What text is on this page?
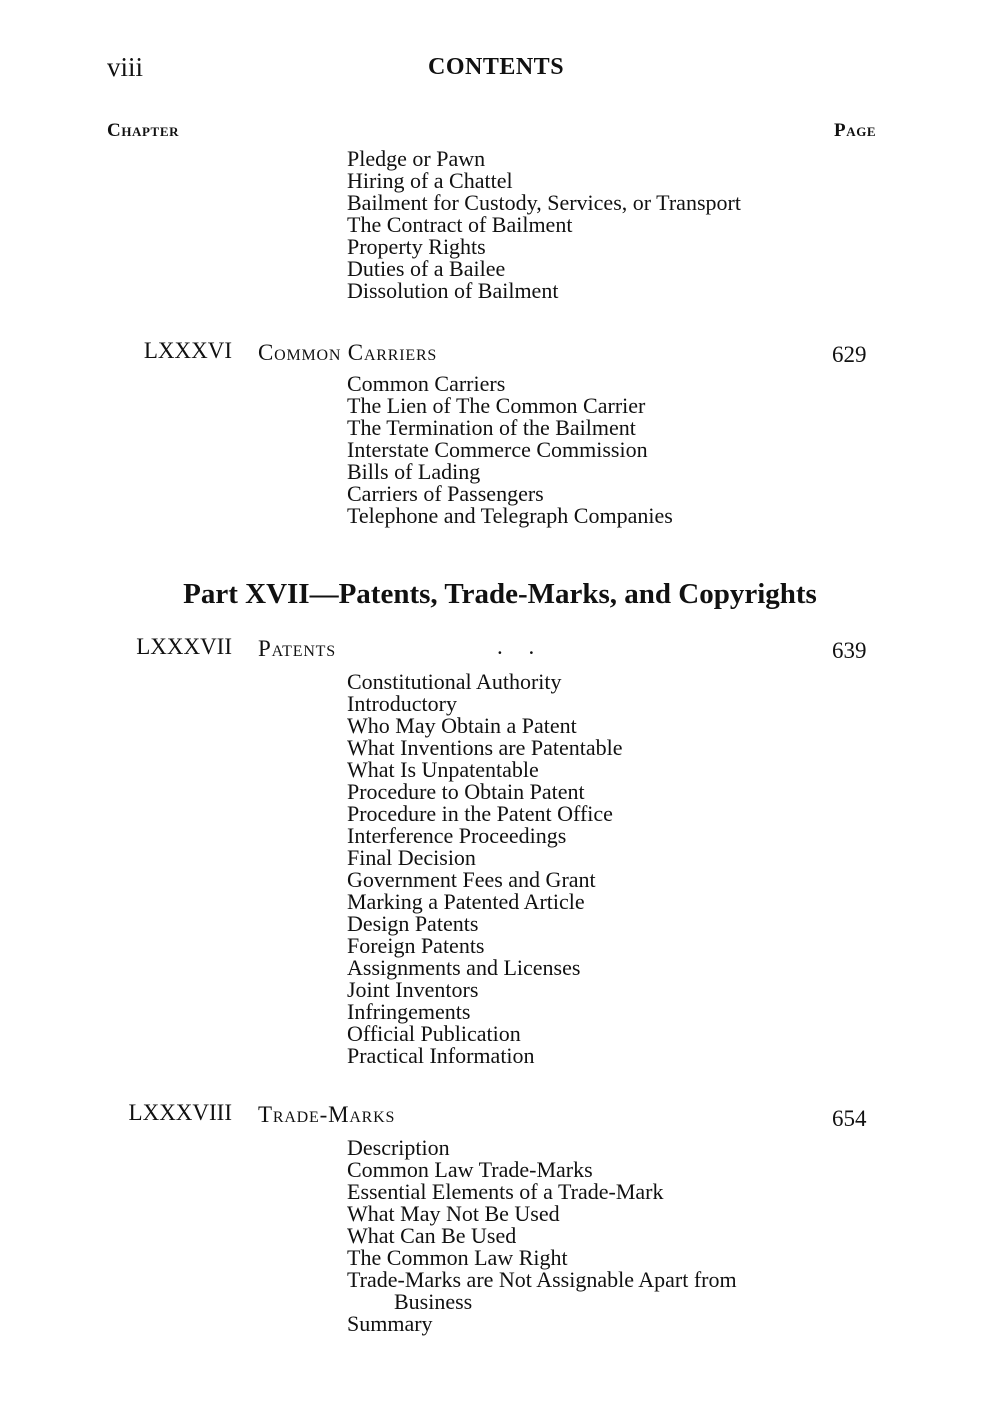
viii	CONTENTS
Chapter	Page
Pledge or Pawn
Hiring of a Chattel
Bailment for Custody, Services, or Transport
The Contract of Bailment
Property Rights
Duties of a Bailee
Dissolution of Bailment
LXXXVI Common Carriers	629
Common Carriers
The Lien of The Common Carrier
The Termination of the Bailment
Interstate Commerce Commission
Bills of Lading
Carriers of Passengers
Telephone and Telegraph Companies
Part XVII—Patents, Trade-Marks, and Copyrights
LXXXVII Patents	. .	639
Constitutional Authority
Introductory
Who May Obtain a Patent
What Inventions are Patentable
What Is Unpatentable
Procedure to Obtain Patent
Procedure in the Patent Office
Interference Proceedings
Final Decision
Government Fees and Grant
Marking a Patented Article
Design Patents
Foreign Patents
Assignments and Licenses
Joint Inventors
Infringements
Official Publication
Practical Information
LXXXVIII Trade-Marks	654
Description
Common Law Trade-Marks
Essential Elements of a Trade-Mark
What May Not Be Used
What Can Be Used
The Common Law Right
Trade-Marks are Not Assignable Apart from
Business
Summary
